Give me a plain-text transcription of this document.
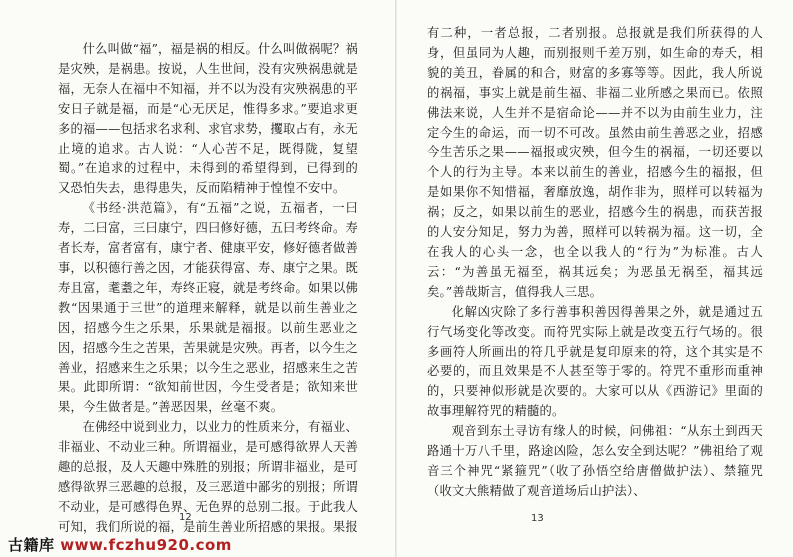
什么叫做“福”，福是祸的相反。什么叫做祸呢？祸是灾殃，是祸患。按说，人生世间，没有灾殃祸患就是福，无奈人在福中不知福，并不以为没有灾殃祸患的平安日子就是福，而是“心无厌足，惟得多求。”要追求更多的福——包括求名求利、求官求势，攫取占有，永无止境的追求。古人说：“人心苦不足，既得陇，复望蜀。”在追求的过程中，未得到的希望得到，已得到的又恐怕失去，患得患失，反而陷精神于惶惶不安中。

《书经·洪范篇》，有“五福”之说，五福者，一曰寿，二曰富，三曰康宁，四曰修好德，五曰考终命。寿者长寿，富者富有，康宁者、健康平安，修好德者做善事，以积德行善之因，才能获得富、寿、康宁之果。既寿且富，耄耋之年，寿终正寝，就是考终命。如果以佛教“因果通于三世”的道理来解释，就是以前生善业之因，招感今生之乐果，乐果就是福报。以前生恶业之因，招感今生之苦果，苦果就是灾殃。再者，以今生之善业，招感来生之乐果；以今生之恶业，招感来生之苦果。此即所谓：“欲知前世因，今生受者是；欲知来世果，今生做者是。”善恶因果，丝毫不爽。

在佛经中说到业力，以业力的性质来分，有福业、非福业、不动业三种。所谓福业，是可感得欲界人天善趣的总报，及人天趣中殊胜的别报；所谓非福业，是可感得欲界三恶趣的总报，及三恶道中鄙劣的别报；所谓不动业，是可感得色界、无色界的总别二报。于此我人可知，我们所说的福，是前生善业所招感的果报。果报

12

有二种，一者总报，二者别报。总报就是我们所获得的人身，但虽同为人趣，而别报则千差万别，如生命的寿夭，相貌的美丑，眷属的和合，财富的多寡等等。因此，我人所说的祸福，事实上就是前生福、非福二业所感之果而已。依照佛法来说，人生并不是宿命论——并不以为由前生业力，注定今生的命运，而一切不可改。虽然由前生善恶之业，招感今生苦乐之果——福报或灾殃，但今生的祸福，一切还要以个人的行为主导。本来以前生的善业，招感今生的福报，但是如果你不知惜福，奢靡放逸，胡作非为，照样可以转福为祸；反之，如果以前生的恶业，招感今生的祸患，而获苦报的人安分知足，努力为善，照样可以转祸为福。这一切，全在我人的心头一念，也全以我人的“行为”为标准。古人云：“为善虽无福至，祸其远矣；为恶虽无祸至，福其远矣。”善哉斯言，值得我人三思。

化解凶灾除了多行善事积善因得善果之外，就是通过五行气场变化等改变。而符咒实际上就是改变五行气场的。很多画符人所画出的符几乎就是复印原来的符，这个其实是不必要的，而且效果是不人甚至等于零的。符咒不重形而重神的，只要神似形就是次要的。大家可以从《西游记》里面的故事理解符咒的精髓的。

观音到东土寻访有缘人的时候，问佛祖：“从东土到西天路通十万八千里，路途凶险，怎么安全到达呢？”佛祖给了观音三个神咒“紧箍咒”（收了孙悟空给唐僧做护法）、禁箍咒（收文大熊精做了观音道场后山护法）、

13
古籍库 www.fczhu920.com
